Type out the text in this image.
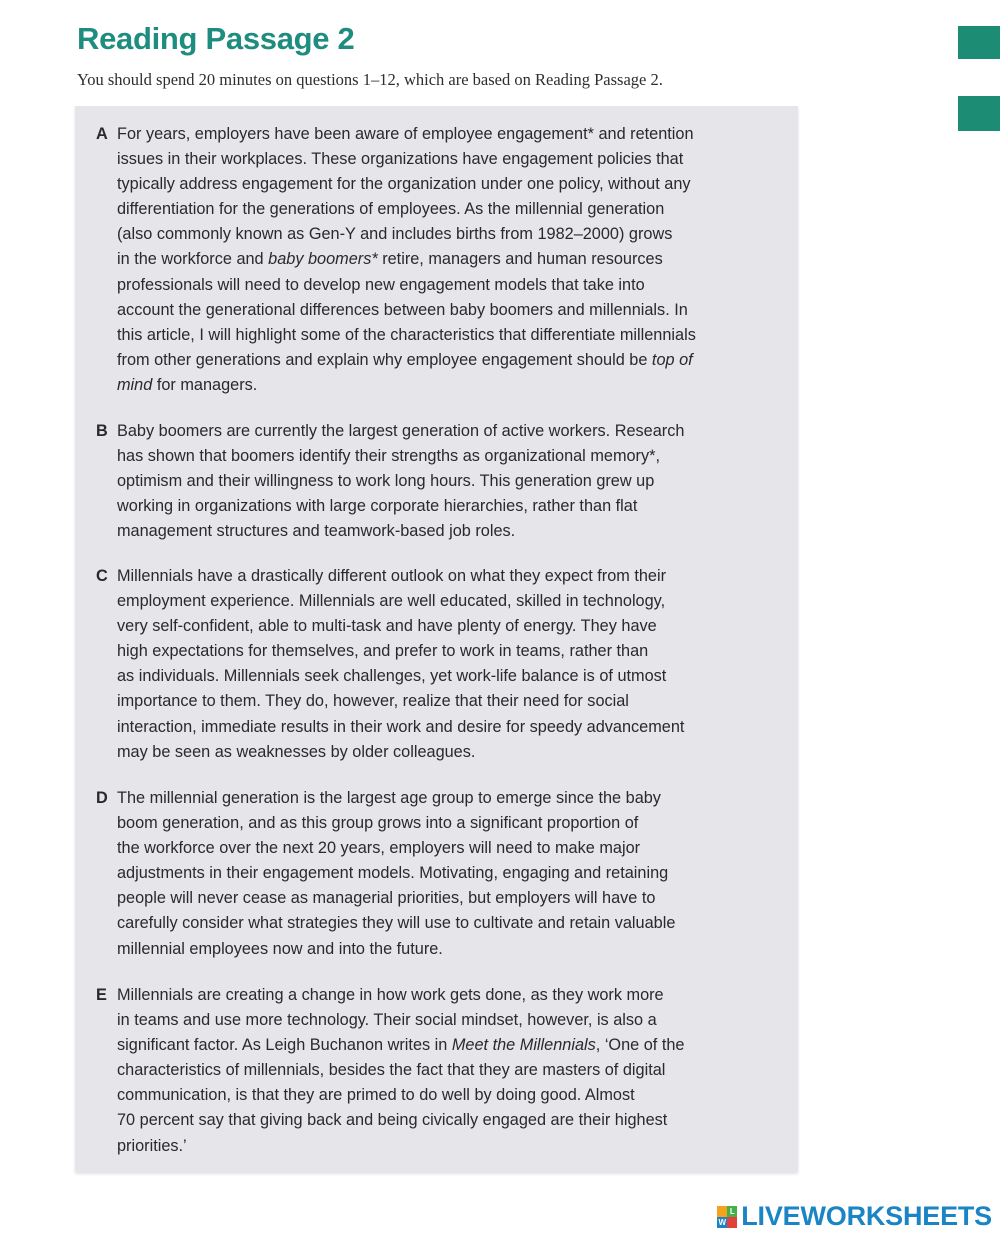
Reading Passage 2
You should spend 20 minutes on questions 1–12, which are based on Reading Passage 2.
A For years, employers have been aware of employee engagement* and retention
issues in their workplaces. These organizations have engagement policies that
typically address engagement for the organization under one policy, without any
differentiation for the generations of employees. As the millennial generation
(also commonly known as Gen-Y and includes births from 1982–2000) grows
in the workforce and baby boomers* retire, managers and human resources
professionals will need to develop new engagement models that take into
account the generational differences between baby boomers and millennials. In
this article, I will highlight some of the characteristics that differentiate millennials
from other generations and explain why employee engagement should be top of
mind for managers.
B Baby boomers are currently the largest generation of active workers. Research
has shown that boomers identify their strengths as organizational memory*,
optimism and their willingness to work long hours. This generation grew up
working in organizations with large corporate hierarchies, rather than flat
management structures and teamwork-based job roles.
C Millennials have a drastically different outlook on what they expect from their
employment experience. Millennials are well educated, skilled in technology,
very self-confident, able to multi-task and have plenty of energy. They have
high expectations for themselves, and prefer to work in teams, rather than
as individuals. Millennials seek challenges, yet work-life balance is of utmost
importance to them. They do, however, realize that their need for social
interaction, immediate results in their work and desire for speedy advancement
may be seen as weaknesses by older colleagues.
D The millennial generation is the largest age group to emerge since the baby
boom generation, and as this group grows into a significant proportion of
the workforce over the next 20 years, employers will need to make major
adjustments in their engagement models. Motivating, engaging and retaining
people will never cease as managerial priorities, but employers will have to
carefully consider what strategies they will use to cultivate and retain valuable
millennial employees now and into the future.
E Millennials are creating a change in how work gets done, as they work more
in teams and use more technology. Their social mindset, however, is also a
significant factor. As Leigh Buchanon writes in Meet the Millennials, ‘One of the
characteristics of millennials, besides the fact that they are masters of digital
communication, is that they are primed to do well by doing good. Almost
70 percent say that giving back and being civically engaged are their highest
priorities.’
L
W LIVEWORKSHEETS
